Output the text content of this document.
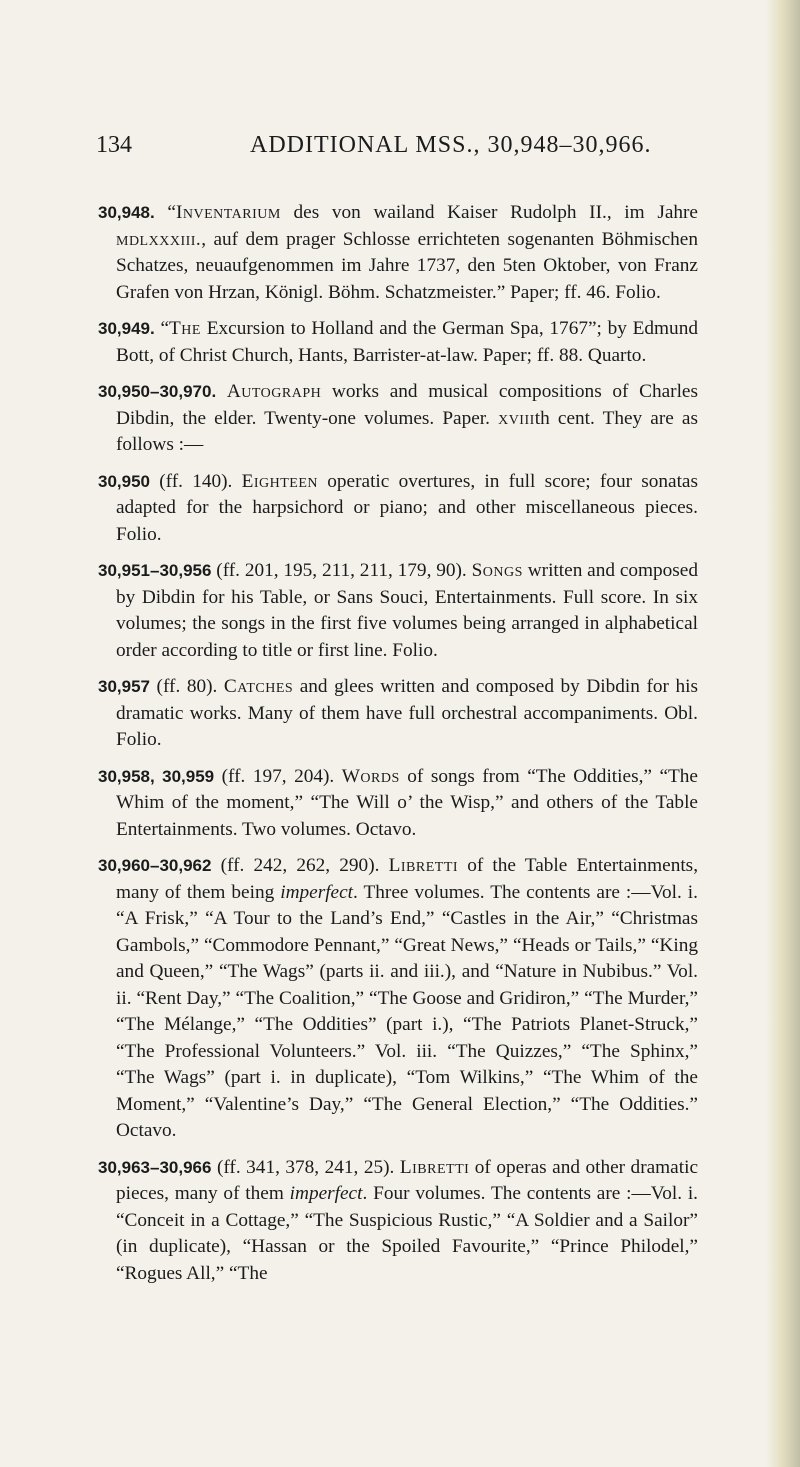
134	ADDITIONAL MSS., 30,948–30,966.

30,948. “Inventarium des von wailand Kaiser Rudolph II., im Jahre mdlxxxiii., auf dem prager Schlosse errichteten sogenanten Böhmischen Schatzes, neuaufgenommen im Jahre 1737, den 5ten Oktober, von Franz Grafen von Hrzan, Königl. Böhm. Schatzmeister.” Paper; ff. 46. Folio.

30,949. “The Excursion to Holland and the German Spa, 1767”; by Edmund Bott, of Christ Church, Hants, Barrister-at-law. Paper; ff. 88. Quarto.

30,950–30,970. Autograph works and musical compositions of Charles Dibdin, the elder. Twenty-one volumes. Paper. xviiith cent. They are as follows :—

30,950 (ff. 140). Eighteen operatic overtures, in full score; four sonatas adapted for the harpsichord or piano; and other miscellaneous pieces. Folio.

30,951–30,956 (ff. 201, 195, 211, 211, 179, 90). Songs written and composed by Dibdin for his Table, or Sans Souci, Entertainments. Full score. In six volumes; the songs in the first five volumes being arranged in alphabetical order according to title or first line. Folio.

30,957 (ff. 80). Catches and glees written and composed by Dibdin for his dramatic works. Many of them have full orchestral accompaniments. Obl. Folio.

30,958, 30,959 (ff. 197, 204). Words of songs from “The Oddities,” “The Whim of the moment,” “The Will o’ the Wisp,” and others of the Table Entertainments. Two volumes. Octavo.

30,960–30,962 (ff. 242, 262, 290). Libretti of the Table Entertainments, many of them being imperfect. Three volumes. The contents are :—Vol. i. “A Frisk,” “A Tour to the Land’s End,” “Castles in the Air,” “Christmas Gambols,” “Commodore Pennant,” “Great News,” “Heads or Tails,” “King and Queen,” “The Wags” (parts ii. and iii.), and “Nature in Nubibus.” Vol. ii. “Rent Day,” “The Coalition,” “The Goose and Gridiron,” “The Murder,” “The Mélange,” “The Oddities” (part i.), “The Patriots Planet-Struck,” “The Professional Volunteers.” Vol. iii. “The Quizzes,” “The Sphinx,” “The Wags” (part i. in duplicate), “Tom Wilkins,” “The Whim of the Moment,” “Valentine’s Day,” “The General Election,” “The Oddities.” Octavo.

30,963–30,966 (ff. 341, 378, 241, 25). Libretti of operas and other dramatic pieces, many of them imperfect. Four volumes. The contents are :—Vol. i. “Conceit in a Cottage,” “The Suspicious Rustic,” “A Soldier and a Sailor” (in duplicate), “Hassan or the Spoiled Favourite,” “Prince Philodel,” “Rogues All,” “The
